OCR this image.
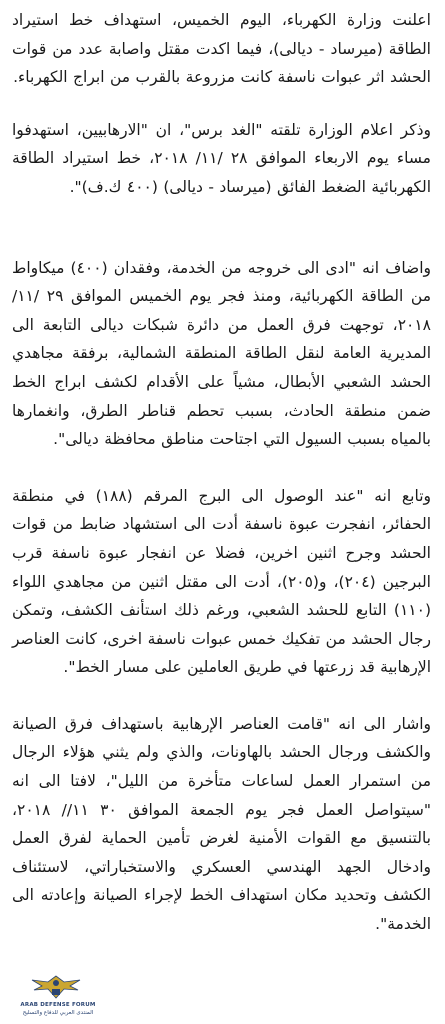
اعلنت وزارة الكهرباء، اليوم الخميس، استهداف خط استيراد الطاقة (ميرساد - ديالى)، فيما اكدت مقتل واصابة عدد من قوات الحشد اثر عبوات ناسفة كانت مزروعة بالقرب من ابراج الكهرباء.

وذكر اعلام الوزارة تلقته "الغد برس"، ان "الارهابيين، استهدفوا مساء يوم الاربعاء الموافق ٢٨ /١١/ ٢٠١٨، خط استيراد الطاقة الكهربائية الضغط الفائق (ميرساد - ديالى) (٤٠٠ ك.ف)".

واضاف انه "ادى الى خروجه من الخدمة، وفقدان (٤٠٠) ميكاواط من الطاقة الكهربائية، ومنذ فجر يوم الخميس الموافق ٢٩ /١١/ ٢٠١٨، توجهت فرق العمل من دائرة شبكات ديالى التابعة الى المديرية العامة لنقل الطاقة المنطقة الشمالية، برفقة مجاهدي الحشد الشعبي الأبطال، مشياً على الأقدام لكشف ابراج الخط ضمن منطقة الحادث، بسبب تحطم قناطر الطرق، وانغمارها بالمياه بسبب السيول التي اجتاحت مناطق محافظة ديالى".

وتابع انه "عند الوصول الى البرج المرقم (١٨٨) في منطقة الحفائر، انفجرت عبوة ناسفة أدت الى استشهاد ضابط من قوات الحشد وجرح اثنين اخرين، فضلا عن انفجار عبوة ناسفة قرب البرجين (٢٠٤)، و(٢٠٥)، أدت الى مقتل اثنين من مجاهدي اللواء (١١٠) التابع للحشد الشعبي، ورغم ذلك استأنف الكشف، وتمكن رجال الحشد من تفكيك خمس عبوات ناسفة اخرى، كانت العناصر الإرهابية قد زرعتها في طريق العاملين على مسار الخط".

واشار الى انه "قامت العناصر الإرهابية باستهداف فرق الصيانة والكشف ورجال الحشد بالهاونات، والذي ولم يثني هؤلاء الرجال من استمرار العمل لساعات متأخرة من الليل"، لافتا الى انه "سيتواصل العمل فجر يوم الجمعة الموافق ٣٠ ١١// ٢٠١٨، بالتنسيق مع القوات الأمنية لغرض تأمين الحماية لفرق العمل وادخال الجهد الهندسي العسكري والاستخباراتي، لاستئناف الكشف وتحديد مكان استهداف الخط لإجراء الصيانة وإعادته الى الخدمة".

ARAB DEFENSE FORUM
المنتدى العربي للدفاع والتسليح
